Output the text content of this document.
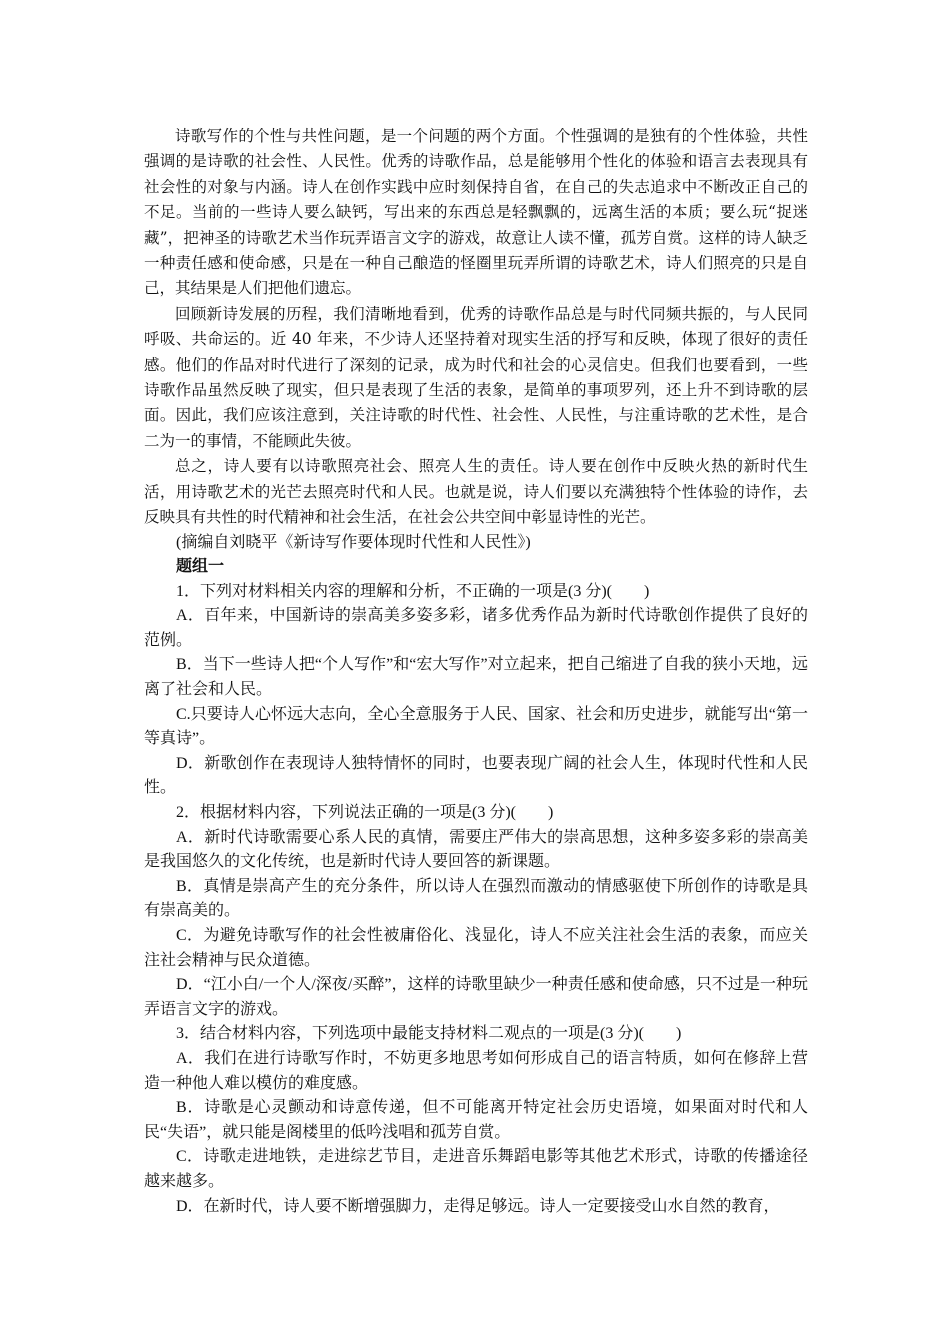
诗歌写作的个性与共性问题，是一个问题的两个方面。个性强调的是独有的个性体验，共性强调的是诗歌的社会性、人民性。优秀的诗歌作品，总是能够用个性化的体验和语言去表现具有社会性的对象与内涵。诗人在创作实践中应时刻保持自省，在自己的失志追求中不断改正自己的不足。当前的一些诗人要么缺钙，写出来的东西总是轻飘飘的，远离生活的本质；要么玩“捉迷藏”，把神圣的诗歌艺术当作玩弄语言文字的游戏，故意让人读不懂，孤芳自赏。这样的诗人缺乏一种责任感和使命感，只是在一种自己酿造的怪圈里玩弄所谓的诗歌艺术，诗人们照亮的只是自己，其结果是人们把他们遗忘。

回顾新诗发展的历程，我们清晰地看到，优秀的诗歌作品总是与时代同频共振的，与人民同呼吸、共命运的。近 40 年来，不少诗人还坚持着对现实生活的抒写和反映，体现了很好的责任感。他们的作品对时代进行了深刻的记录，成为时代和社会的心灵信史。但我们也要看到，一些诗歌作品虽然反映了现实，但只是表现了生活的表象，是简单的事项罗列，还上升不到诗歌的层面。因此，我们应该注意到，关注诗歌的时代性、社会性、人民性，与注重诗歌的艺术性，是合二为一的事情，不能顾此失彼。

总之，诗人要有以诗歌照亮社会、照亮人生的责任。诗人要在创作中反映火热的新时代生活，用诗歌艺术的光芒去照亮时代和人民。也就是说，诗人们要以充满独特个性体验的诗作，去反映具有共性的时代精神和社会生活，在社会公共空间中彰显诗性的光芒。

(摘编自刘晓平《新诗写作要体现时代性和人民性》)

题组一

1．下列对材料相关内容的理解和分析，不正确的一项是(3 分)(　　)

A．百年来，中国新诗的崇高美多姿多彩，诸多优秀作品为新时代诗歌创作提供了良好的范例。

B．当下一些诗人把“个人写作”和“宏大写作”对立起来，把自己缩进了自我的狭小天地，远离了社会和人民。

C.只要诗人心怀远大志向，全心全意服务于人民、国家、社会和历史进步，就能写出“第一等真诗”。

D．新歌创作在表现诗人独特情怀的同时，也要表现广阔的社会人生，体现时代性和人民性。

2．根据材料内容，下列说法正确的一项是(3 分)(　　)

A．新时代诗歌需要心系人民的真情，需要庄严伟大的崇高思想，这种多姿多彩的崇高美是我国悠久的文化传统，也是新时代诗人要回答的新课题。

B．真情是崇高产生的充分条件，所以诗人在强烈而激动的情感驱使下所创作的诗歌是具有崇高美的。

C．为避免诗歌写作的社会性被庸俗化、浅显化，诗人不应关注社会生活的表象，而应关注社会精神与民众道德。

D．“江小白/一个人/深夜/买醉”，这样的诗歌里缺少一种责任感和使命感，只不过是一种玩弄语言文字的游戏。

3．结合材料内容，下列选项中最能支持材料二观点的一项是(3 分)(　　)

A．我们在进行诗歌写作时，不妨更多地思考如何形成自己的语言特质，如何在修辞上营造一种他人难以模仿的难度感。

B．诗歌是心灵颤动和诗意传递，但不可能离开特定社会历史语境，如果面对时代和人民“失语”，就只能是阁楼里的低吟浅唱和孤芳自赏。

C．诗歌走进地铁，走进综艺节目，走进音乐舞蹈电影等其他艺术形式，诗歌的传播途径越来越多。

D．在新时代，诗人要不断增强脚力，走得足够远。诗人一定要接受山水自然的教育，
